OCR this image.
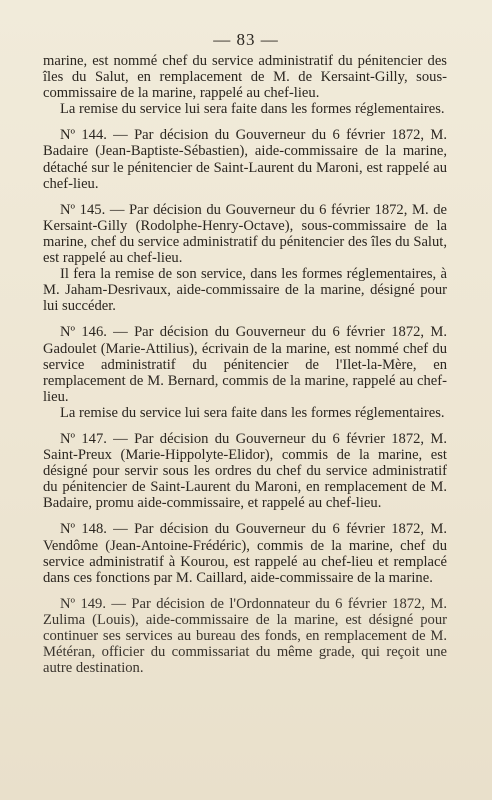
— 83 —

marine, est nommé chef du service administratif du pénitencier des îles du Salut, en remplacement de M. de Kersaint-Gilly, sous-commissaire de la marine, rappelé au chef-lieu.

La remise du service lui sera faite dans les formes réglementaires.

Nº 144. — Par décision du Gouverneur du 6 février 1872, M. Badaire (Jean-Baptiste-Sébastien), aide-commissaire de la marine, détaché sur le pénitencier de Saint-Laurent du Maroni, est rappelé au chef-lieu.

Nº 145. — Par décision du Gouverneur du 6 février 1872, M. de Kersaint-Gilly (Rodolphe-Henry-Octave), sous-commissaire de la marine, chef du service administratif du pénitencier des îles du Salut, est rappelé au chef-lieu.

Il fera la remise de son service, dans les formes réglementaires, à M. Jaham-Desrivaux, aide-commissaire de la marine, désigné pour lui succéder.

Nº 146. — Par décision du Gouverneur du 6 février 1872, M. Gadoulet (Marie-Attilius), écrivain de la marine, est nommé chef du service administratif du pénitencier de l'Ilet-la-Mère, en remplacement de M. Bernard, commis de la marine, rappelé au chef-lieu.

La remise du service lui sera faite dans les formes réglementaires.

Nº 147. — Par décision du Gouverneur du 6 février 1872, M. Saint-Preux (Marie-Hippolyte-Elidor), commis de la marine, est désigné pour servir sous les ordres du chef du service administratif du pénitencier de Saint-Laurent du Maroni, en remplacement de M. Badaire, promu aide-commissaire, et rappelé au chef-lieu.

Nº 148. — Par décision du Gouverneur du 6 février 1872, M. Vendôme (Jean-Antoine-Frédéric), commis de la marine, chef du service administratif à Kourou, est rappelé au chef-lieu et remplacé dans ces fonctions par M. Caillard, aide-commissaire de la marine.

Nº 149. — Par décision de l'Ordonnateur du 6 février 1872, M. Zulima (Louis), aide-commissaire de la marine, est désigné pour continuer ses services au bureau des fonds, en remplacement de M. Météran, officier du commissariat du même grade, qui reçoit une autre destination.
